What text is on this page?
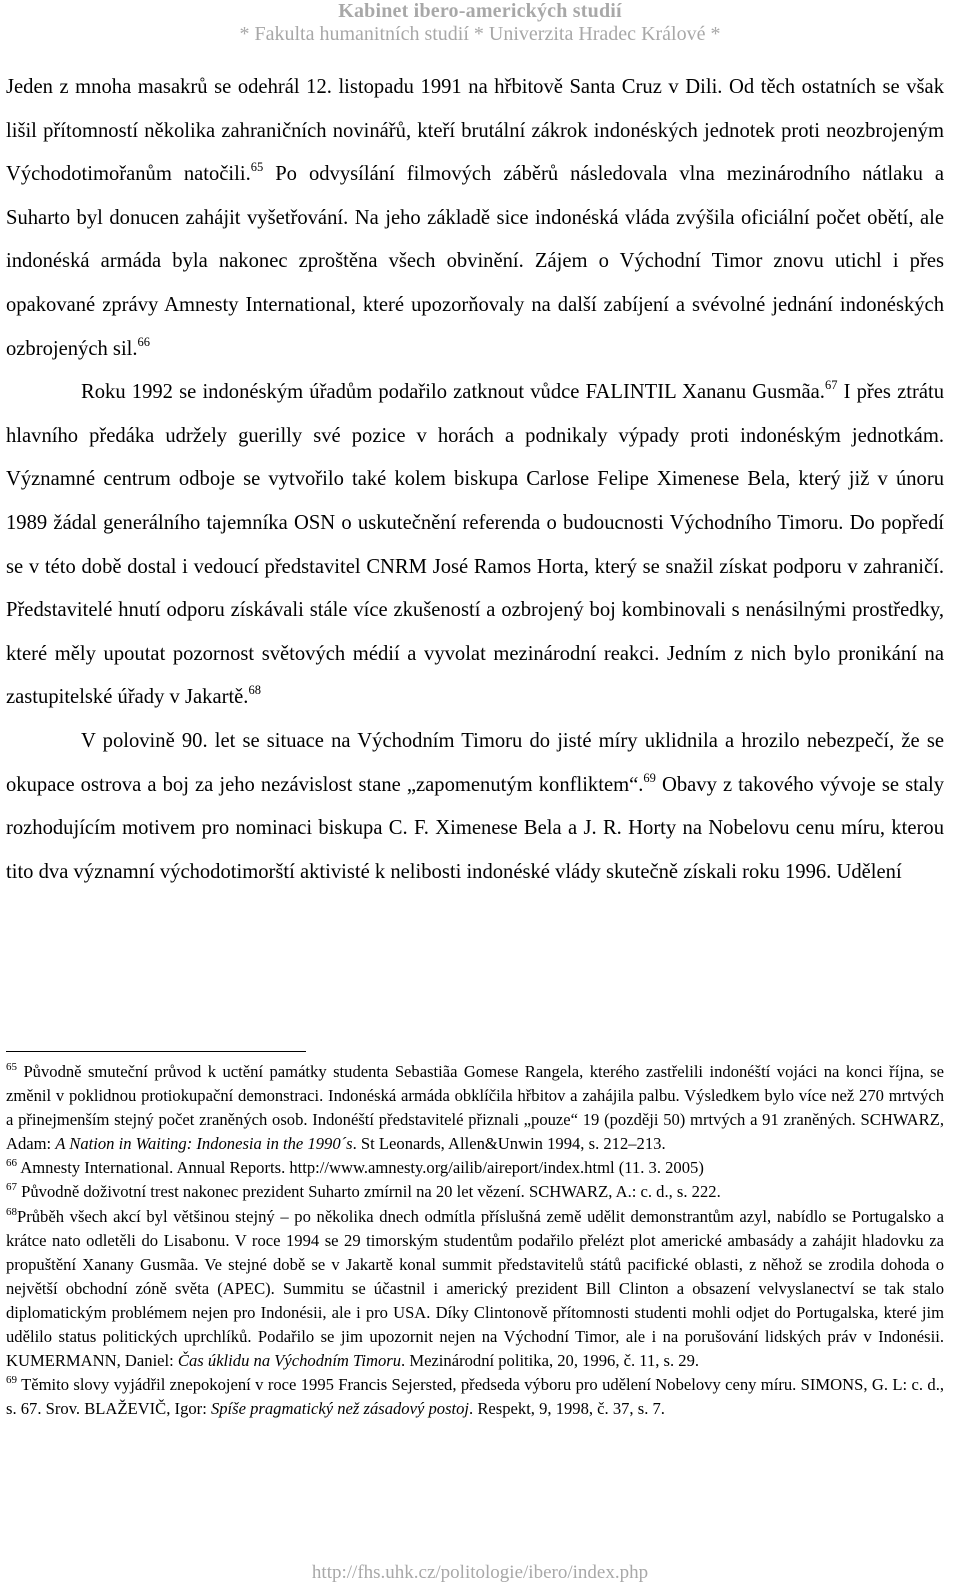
Kabinet ibero-amerických studií
* Fakulta humanitních studií * Univerzita Hradec Králové *

Jeden z mnoha masakrů se odehrál 12. listopadu 1991 na hřbitově Santa Cruz v Dili. Od těch ostatních se však lišil přítomností několika zahraničních novinářů, kteří brutální zákrok indonéských jednotek proti neozbrojeným Východotimořanům natočili.$^{65}$ Po odvysílání filmových záběrů následovala vlna mezinárodního nátlaku a Suharto byl donucen zahájit vyšetřování. Na jeho základě sice indonéská vláda zvýšila oficiální počet obětí, ale indonéská armáda byla nakonec zproštěna všech obvinění. Zájem o Východní Timor znovu utichl i přes opakované zprávy Amnesty International, které upozorňovaly na další zabíjení a svévolné jednání indonéských ozbrojených sil.$^{66}$

Roku 1992 se indonéským úřadům podařilo zatknout vůdce FALINTIL Xananu Gusmãa.$^{67}$ I přes ztrátu hlavního předáka udržely guerilly své pozice v horách a podnikaly výpady proti indonéským jednotkám. Významné centrum odboje se vytvořilo také kolem biskupa Carlose Felipe Ximenese Bela, který již v únoru 1989 žádal generálního tajemníka OSN o uskutečnění referenda o budoucnosti Východního Timoru. Do popředí se v této době dostal i vedoucí představitel CNRM José Ramos Horta, který se snažil získat podporu v zahraničí. Představitelé hnutí odporu získávali stále více zkušeností a ozbrojený boj kombinovali s nenásilnými prostředky, které měly upoutat pozornost světových médií a vyvolat mezinárodní reakci. Jedním z nich bylo pronikání na zastupitelské úřady v Jakartě.$^{68}$

V polovině 90. let se situace na Východním Timoru do jisté míry uklidnila a hrozilo nebezpečí, že se okupace ostrova a boj za jeho nezávislost stane „zapomenutým konfliktem“.$^{69}$ Obavy z takového vývoje se staly rozhodujícím motivem pro nominaci biskupa C. F. Ximenese Bela a J. R. Horty na Nobelovu cenu míru, kterou tito dva významní východotimorští aktivisté k nelibosti indonéské vlády skutečně získali roku 1996. Udělení

$^{65}$ Původně smuteční průvod k uctění památky studenta Sebastiãa Gomese Rangela, kterého zastřelili indonéští vojáci na konci října, se změnil v poklidnou protiokupační demonstraci. Indonéská armáda obklíčila hřbitov a zahájila palbu. Výsledkem bylo více než 270 mrtvých a přinejmenším stejný počet zraněných osob. Indonéští představitelé přiznali „pouze“ 19 (později 50) mrtvých a 91 zraněných. SCHWARZ, Adam: A Nation in Waiting: Indonesia in the 1990´s. St Leonards, Allen&Unwin 1994, s. 212–213.

$^{66}$ Amnesty International. Annual Reports. http://www.amnesty.org/ailib/aireport/index.html (11. 3. 2005)

$^{67}$ Původně doživotní trest nakonec prezident Suharto zmírnil na 20 let vězení. SCHWARZ, A.: c. d., s. 222.

$^{68}$Průběh všech akcí byl většinou stejný – po několika dnech odmítla příslušná země udělit demonstrantům azyl, nabídlo se Portugalsko a krátce nato odletěli do Lisabonu. V roce 1994 se 29 timorským studentům podařilo přelézt plot americké ambasády a zahájit hladovku za propuštění Xanany Gusmãa. Ve stejné době se v Jakartě konal summit představitelů států pacifické oblasti, z něhož se zrodila dohoda o největší obchodní zóně světa (APEC). Summitu se účastnil i americký prezident Bill Clinton a obsazení velvyslanectví se tak stalo diplomatickým problémem nejen pro Indonésii, ale i pro USA. Díky Clintonově přítomnosti studenti mohli odjet do Portugalska, které jim udělilo status politických uprchlíků. Podařilo se jim upozornit nejen na Východní Timor, ale i na porušování lidských práv v Indonésii. KUMERMANN, Daniel: Čas úklidu na Východním Timoru. Mezinárodní politika, 20, 1996, č. 11, s. 29.

$^{69}$ Těmito slovy vyjádřil znepokojení v roce 1995 Francis Sejersted, předseda výboru pro udělení Nobelovy ceny míru. SIMONS, G. L: c. d., s. 67. Srov. BLAŽEVIČ, Igor: Spíše pragmatický než zásadový postoj. Respekt, 9, 1998, č. 37, s. 7.

http://fhs.uhk.cz/politologie/ibero/index.php
